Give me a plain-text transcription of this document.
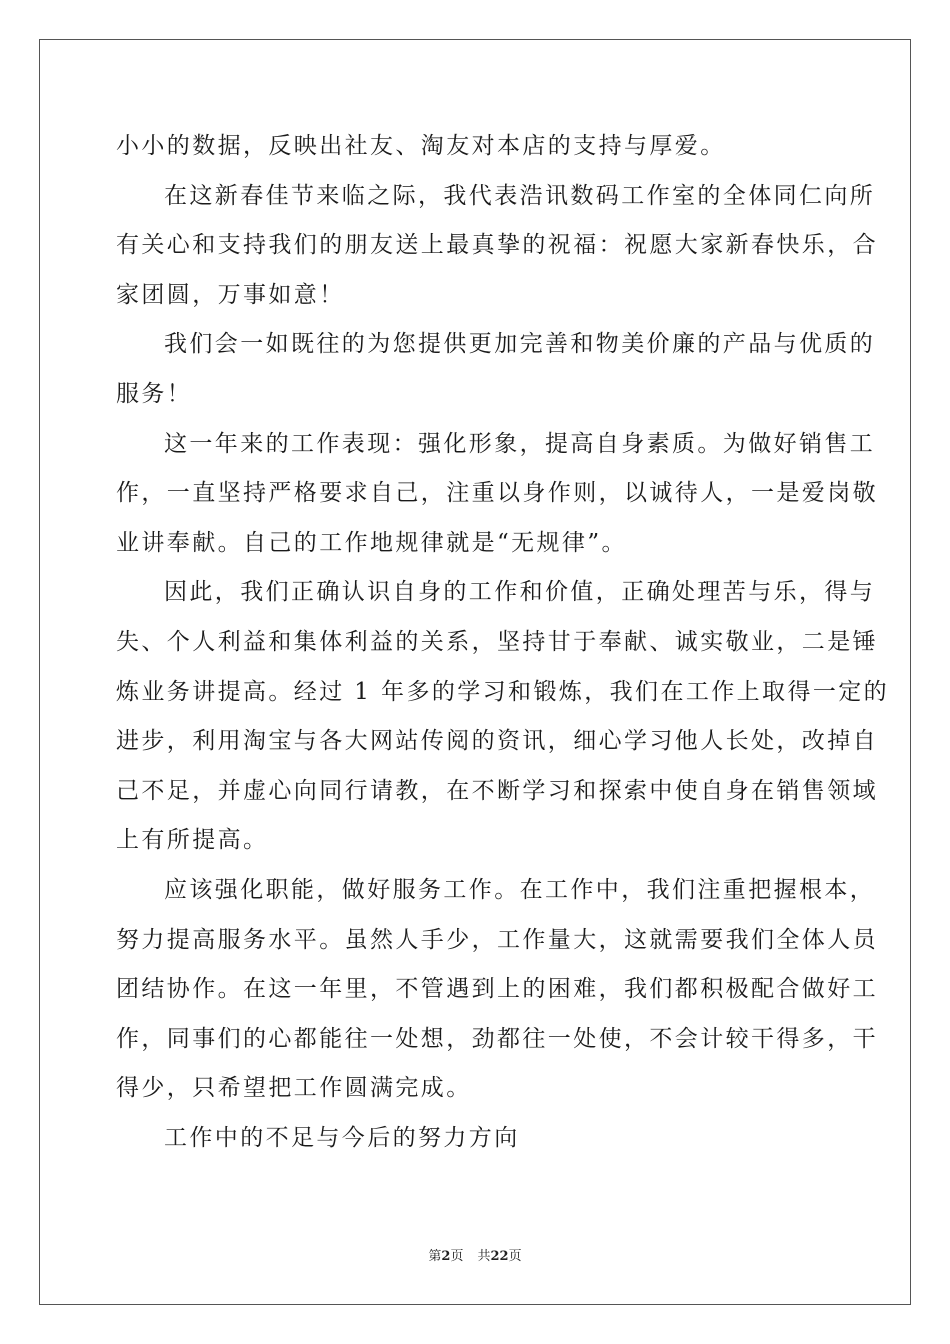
小小的数据，反映出社友、淘友对本店的支持与厚爱。

在这新春佳节来临之际，我代表浩讯数码工作室的全体同仁向所

有关心和支持我们的朋友送上最真挚的祝福：祝愿大家新春快乐，合

家团圆，万事如意！

我们会一如既往的为您提供更加完善和物美价廉的产品与优质的

服务！

这一年来的工作表现：强化形象，提高自身素质。为做好销售工

作，一直坚持严格要求自己，注重以身作则，以诚待人，一是爱岗敬

业讲奉献。自己的工作地规律就是“无规律”。

因此，我们正确认识自身的工作和价值，正确处理苦与乐，得与

失、个人利益和集体利益的关系，坚持甘于奉献、诚实敬业，二是锤

炼业务讲提高。经过 1 年多的学习和锻炼，我们在工作上取得一定的

进步，利用淘宝与各大网站传阅的资讯，细心学习他人长处，改掉自

己不足，并虚心向同行请教，在不断学习和探索中使自身在销售领域

上有所提高。

应该强化职能，做好服务工作。在工作中，我们注重把握根本，

努力提高服务水平。虽然人手少，工作量大，这就需要我们全体人员

团结协作。在这一年里，不管遇到上的困难，我们都积极配合做好工

作，同事们的心都能往一处想，劲都往一处使，不会计较干得多，干

得少，只希望把工作圆满完成。

工作中的不足与今后的努力方向

第2页 共22页
